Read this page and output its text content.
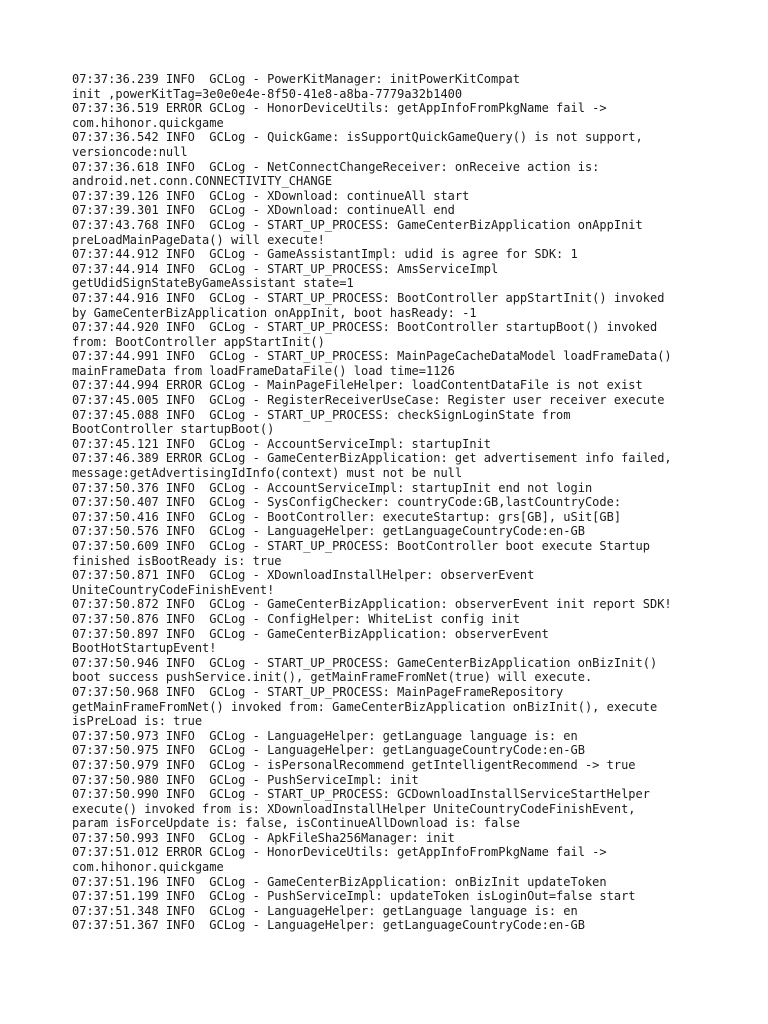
07:37:36.239 INFO  GCLog - PowerKitManager: initPowerKitCompat
init ,powerKitTag=3e0e0e4e-8f50-41e8-a8ba-7779a32b1400
07:37:36.519 ERROR GCLog - HonorDeviceUtils: getAppInfoFromPkgName fail ->
com.hihonor.quickgame
07:37:36.542 INFO  GCLog - QuickGame: isSupportQuickGameQuery() is not support,
versioncode:null
07:37:36.618 INFO  GCLog - NetConnectChangeReceiver: onReceive action is:
android.net.conn.CONNECTIVITY_CHANGE
07:37:39.126 INFO  GCLog - XDownload: continueAll start
07:37:39.301 INFO  GCLog - XDownload: continueAll end
07:37:43.768 INFO  GCLog - START_UP_PROCESS: GameCenterBizApplication onAppInit
preLoadMainPageData() will execute!
07:37:44.912 INFO  GCLog - GameAssistantImpl: udid is agree for SDK: 1
07:37:44.914 INFO  GCLog - START_UP_PROCESS: AmsServiceImpl
getUdidSignStateByGameAssistant state=1
07:37:44.916 INFO  GCLog - START_UP_PROCESS: BootController appStartInit() invoked
by GameCenterBizApplication onAppInit, boot hasReady: -1
07:37:44.920 INFO  GCLog - START_UP_PROCESS: BootController startupBoot() invoked
from: BootController appStartInit()
07:37:44.991 INFO  GCLog - START_UP_PROCESS: MainPageCacheDataModel loadFrameData()
mainFrameData from loadFrameDataFile() load time=1126
07:37:44.994 ERROR GCLog - MainPageFileHelper: loadContentDataFile is not exist
07:37:45.005 INFO  GCLog - RegisterReceiverUseCase: Register user receiver execute
07:37:45.088 INFO  GCLog - START_UP_PROCESS: checkSignLoginState from
BootController startupBoot()
07:37:45.121 INFO  GCLog - AccountServiceImpl: startupInit
07:37:46.389 ERROR GCLog - GameCenterBizApplication: get advertisement info failed,
message:getAdvertisingIdInfo(context) must not be null
07:37:50.376 INFO  GCLog - AccountServiceImpl: startupInit end not login
07:37:50.407 INFO  GCLog - SysConfigChecker: countryCode:GB,lastCountryCode:
07:37:50.416 INFO  GCLog - BootController: executeStartup: grs[GB], uSit[GB]
07:37:50.576 INFO  GCLog - LanguageHelper: getLanguageCountryCode:en-GB
07:37:50.609 INFO  GCLog - START_UP_PROCESS: BootController boot execute Startup
finished isBootReady is: true
07:37:50.871 INFO  GCLog - XDownloadInstallHelper: observerEvent
UniteCountryCodeFinishEvent!
07:37:50.872 INFO  GCLog - GameCenterBizApplication: observerEvent init report SDK!
07:37:50.876 INFO  GCLog - ConfigHelper: WhiteList config init
07:37:50.897 INFO  GCLog - GameCenterBizApplication: observerEvent
BootHotStartupEvent!
07:37:50.946 INFO  GCLog - START_UP_PROCESS: GameCenterBizApplication onBizInit()
boot success pushService.init(), getMainFrameFromNet(true) will execute.
07:37:50.968 INFO  GCLog - START_UP_PROCESS: MainPageFrameRepository
getMainFrameFromNet() invoked from: GameCenterBizApplication onBizInit(), execute
isPreLoad is: true
07:37:50.973 INFO  GCLog - LanguageHelper: getLanguage language is: en
07:37:50.975 INFO  GCLog - LanguageHelper: getLanguageCountryCode:en-GB
07:37:50.979 INFO  GCLog - isPersonalRecommend getIntelligentRecommend -> true
07:37:50.980 INFO  GCLog - PushServiceImpl: init
07:37:50.990 INFO  GCLog - START_UP_PROCESS: GCDownloadInstallServiceStartHelper
execute() invoked from is: XDownloadInstallHelper UniteCountryCodeFinishEvent,
param isForceUpdate is: false, isContinueAllDownload is: false
07:37:50.993 INFO  GCLog - ApkFileSha256Manager: init
07:37:51.012 ERROR GCLog - HonorDeviceUtils: getAppInfoFromPkgName fail ->
com.hihonor.quickgame
07:37:51.196 INFO  GCLog - GameCenterBizApplication: onBizInit updateToken
07:37:51.199 INFO  GCLog - PushServiceImpl: updateToken isLoginOut=false start
07:37:51.348 INFO  GCLog - LanguageHelper: getLanguage language is: en
07:37:51.367 INFO  GCLog - LanguageHelper: getLanguageCountryCode:en-GB
